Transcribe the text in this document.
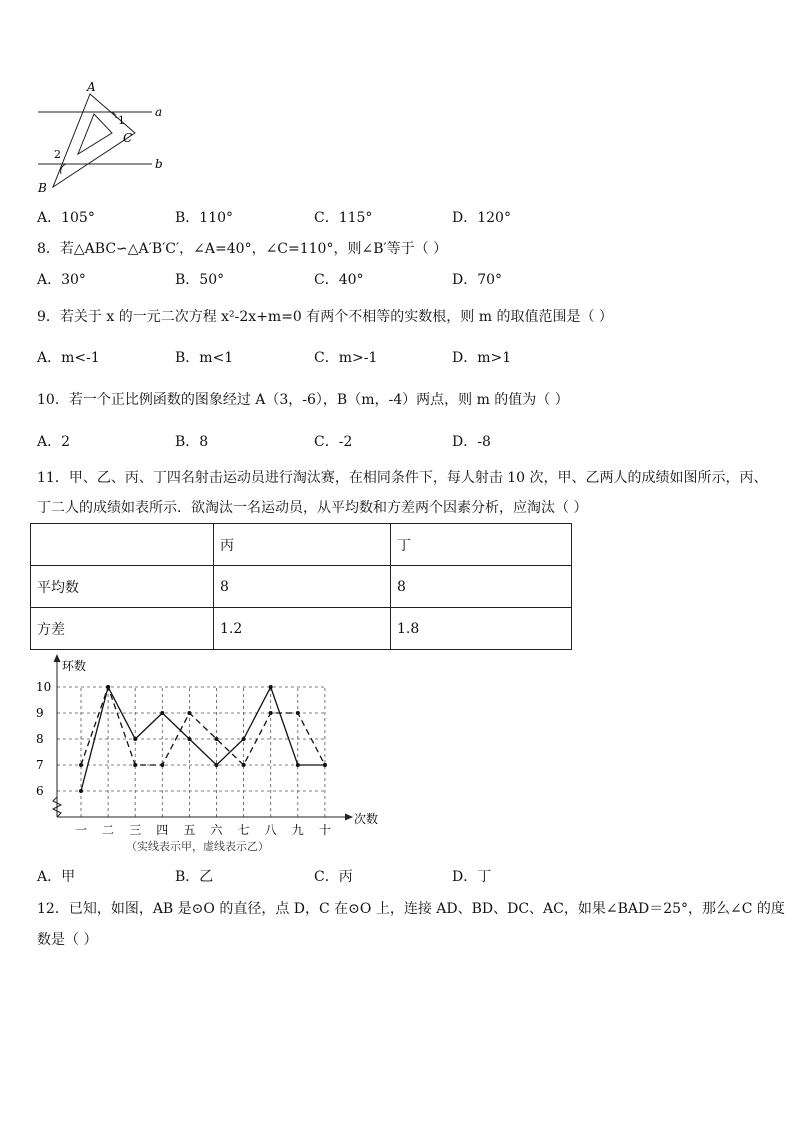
A
B
C
a
b
1
2
A．105°	B．110°	C．115°	D．120°
8．若△ABC∽△A′B′C′，∠A=40°，∠C=110°，则∠B′等于（ ）
A．30°	B．50°	C．40°	D．70°
9．若关于 x 的一元二次方程 x²-2x+m=0 有两个不相等的实数根，则 m 的取值范围是（ ）
A．m<-1	B．m<1	C．m>-1	D．m>1
10．若一个正比例函数的图象经过 A（3，-6），B（m，-4）两点，则 m 的值为（ ）
A．2	B．8	C．-2	D．-8
11．甲、乙、丙、丁四名射击运动员进行淘汰赛，在相同条件下，每人射击 10 次，甲、乙两人的成绩如图所示，丙、
丁二人的成绩如表所示．欲淘汰一名运动员，从平均数和方差两个因素分析，应淘汰（ ）
	丙	丁
平均数	8	8
方差	1.2	1.8
6
7
8
9
10
一 二 三 四 五 六 七 八 九 十
环数
次数
（实线表示甲，虚线表示乙）
A．甲	B．乙	C．丙	D．丁
12．已知，如图，AB 是⊙O 的直径，点 D，C 在⊙O 上，连接 AD、BD、DC、AC，如果∠BAD＝25°，那么∠C 的度
数是（ ）
